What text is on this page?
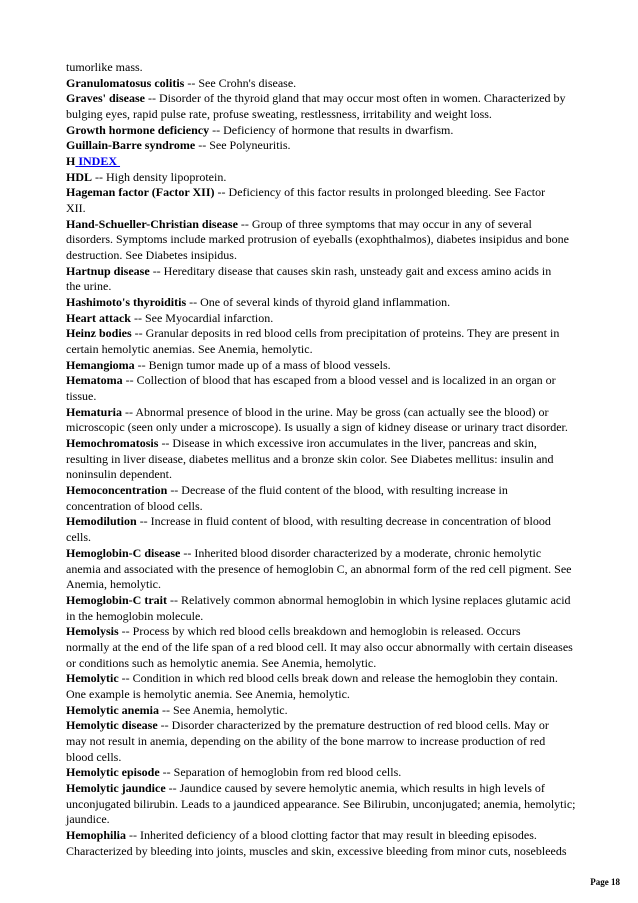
tumorlike mass.
Granulomatosus colitis -- See Crohn's disease.
Graves' disease -- Disorder of the thyroid gland that may occur most often in women. Characterized by
bulging eyes, rapid pulse rate, profuse sweating, restlessness, irritability and weight loss.
Growth hormone deficiency -- Deficiency of hormone that results in dwarfism.
Guillain-Barre syndrome -- See Polyneuritis.
H INDEX
HDL -- High density lipoprotein.
Hageman factor (Factor XII) -- Deficiency of this factor results in prolonged bleeding. See Factor
XII.
Hand-Schueller-Christian disease -- Group of three symptoms that may occur in any of several
disorders. Symptoms include marked protrusion of eyeballs (exophthalmos), diabetes insipidus and bone
destruction. See Diabetes insipidus.
Hartnup disease -- Hereditary disease that causes skin rash, unsteady gait and excess amino acids in
the urine.
Hashimoto's thyroiditis -- One of several kinds of thyroid gland inflammation.
Heart attack -- See Myocardial infarction.
Heinz bodies -- Granular deposits in red blood cells from precipitation of proteins. They are present in
certain hemolytic anemias. See Anemia, hemolytic.
Hemangioma -- Benign tumor made up of a mass of blood vessels.
Hematoma -- Collection of blood that has escaped from a blood vessel and is localized in an organ or
tissue.
Hematuria -- Abnormal presence of blood in the urine. May be gross (can actually see the blood) or
microscopic (seen only under a microscope). Is usually a sign of kidney disease or urinary tract disorder.
Hemochromatosis -- Disease in which excessive iron accumulates in the liver, pancreas and skin,
resulting in liver disease, diabetes mellitus and a bronze skin color. See Diabetes mellitus: insulin and
noninsulin dependent.
Hemoconcentration -- Decrease of the fluid content of the blood, with resulting increase in
concentration of blood cells.
Hemodilution -- Increase in fluid content of blood, with resulting decrease in concentration of blood
cells.
Hemoglobin-C disease -- Inherited blood disorder characterized by a moderate, chronic hemolytic
anemia and associated with the presence of hemoglobin C, an abnormal form of the red cell pigment. See
Anemia, hemolytic.
Hemoglobin-C trait -- Relatively common abnormal hemoglobin in which lysine replaces glutamic acid
in the hemoglobin molecule.
Hemolysis -- Process by which red blood cells breakdown and hemoglobin is released. Occurs
normally at the end of the life span of a red blood cell. It may also occur abnormally with certain diseases
or conditions such as hemolytic anemia. See Anemia, hemolytic.
Hemolytic -- Condition in which red blood cells break down and release the hemoglobin they contain.
One example is hemolytic anemia. See Anemia, hemolytic.
Hemolytic anemia -- See Anemia, hemolytic.
Hemolytic disease -- Disorder characterized by the premature destruction of red blood cells. May or
may not result in anemia, depending on the ability of the bone marrow to increase production of red
blood cells.
Hemolytic episode -- Separation of hemoglobin from red blood cells.
Hemolytic jaundice -- Jaundice caused by severe hemolytic anemia, which results in high levels of
unconjugated bilirubin. Leads to a jaundiced appearance. See Bilirubin, unconjugated; anemia, hemolytic;
jaundice.
Hemophilia -- Inherited deficiency of a blood clotting factor that may result in bleeding episodes.
Characterized by bleeding into joints, muscles and skin, excessive bleeding from minor cuts, nosebleeds
Page 18
